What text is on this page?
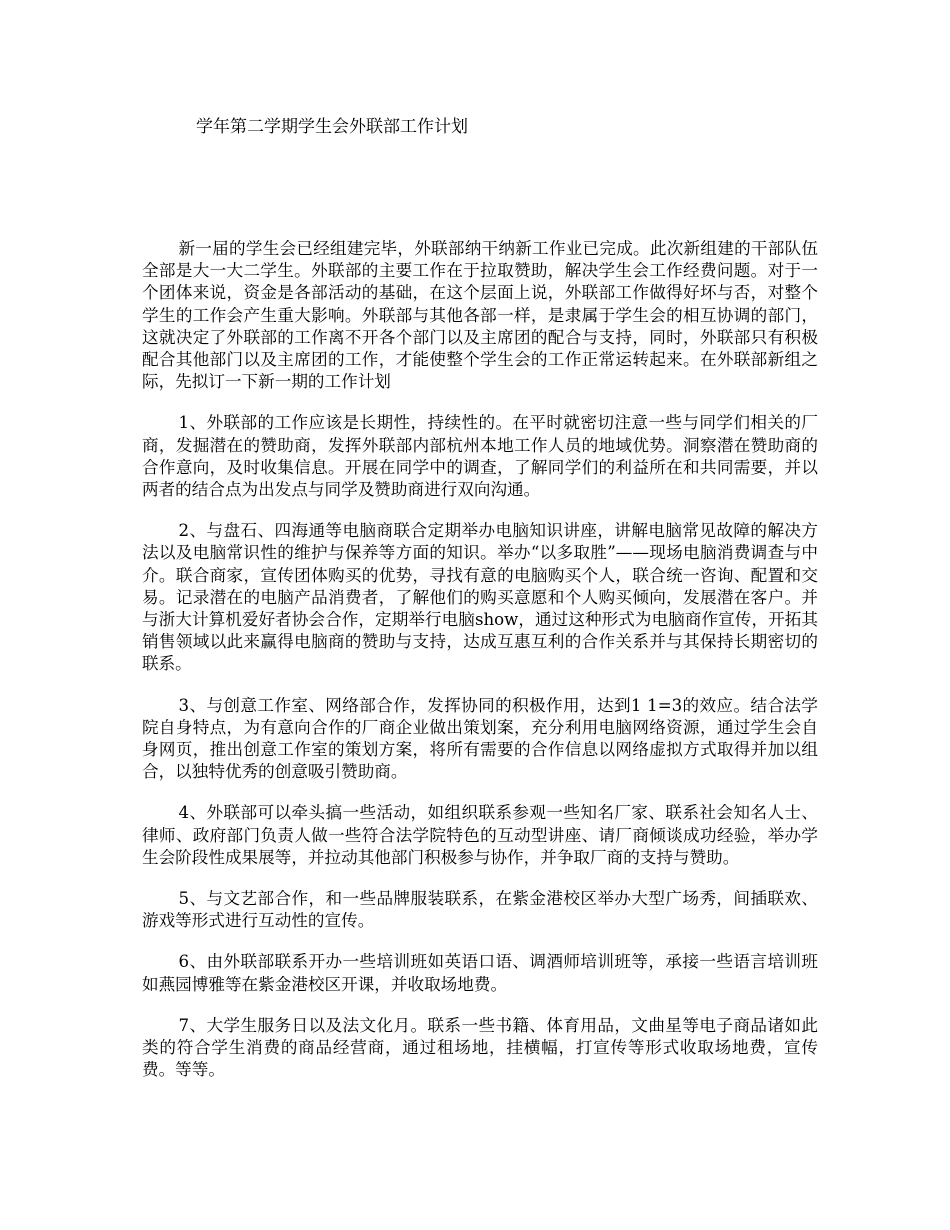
学年第二学期学生会外联部工作计划

新一届的学生会已经组建完毕，外联部纳干纳新工作业已完成。此次新组建的干部队伍全部是大一大二学生。外联部的主要工作在于拉取赞助，解决学生会工作经费问题。对于一个团体来说，资金是各部活动的基础，在这个层面上说，外联部工作做得好坏与否，对整个学生的工作会产生重大影响。外联部与其他各部一样，是隶属于学生会的相互协调的部门，这就决定了外联部的工作离不开各个部门以及主席团的配合与支持，同时，外联部只有积极配合其他部门以及主席团的工作，才能使整个学生会的工作正常运转起来。在外联部新组之际，先拟订一下新一期的工作计划

1、外联部的工作应该是长期性，持续性的。在平时就密切注意一些与同学们相关的厂商，发掘潜在的赞助商，发挥外联部内部杭州本地工作人员的地域优势。洞察潜在赞助商的合作意向，及时收集信息。开展在同学中的调查，了解同学们的利益所在和共同需要，并以两者的结合点为出发点与同学及赞助商进行双向沟通。

2、与盘石、四海通等电脑商联合定期举办电脑知识讲座，讲解电脑常见故障的解决方法以及电脑常识性的维护与保养等方面的知识。举办“以多取胜”——现场电脑消费调查与中介。联合商家，宣传团体购买的优势，寻找有意的电脑购买个人，联合统一咨询、配置和交易。记录潜在的电脑产品消费者，了解他们的购买意愿和个人购买倾向，发展潜在客户。并与浙大计算机爱好者协会合作，定期举行电脑show，通过这种形式为电脑商作宣传，开拓其销售领域以此来赢得电脑商的赞助与支持，达成互惠互利的合作关系并与其保持长期密切的联系。

3、与创意工作室、网络部合作，发挥协同的积极作用，达到1 1=3的效应。结合法学院自身特点，为有意向合作的厂商企业做出策划案，充分利用电脑网络资源，通过学生会自身网页，推出创意工作室的策划方案，将所有需要的合作信息以网络虚拟方式取得并加以组合，以独特优秀的创意吸引赞助商。

4、外联部可以牵头搞一些活动，如组织联系参观一些知名厂家、联系社会知名人士、律师、政府部门负责人做一些符合法学院特色的互动型讲座、请厂商倾谈成功经验，举办学生会阶段性成果展等，并拉动其他部门积极参与协作，并争取厂商的支持与赞助。

5、与文艺部合作，和一些品牌服装联系，在紫金港校区举办大型广场秀，间插联欢、游戏等形式进行互动性的宣传。

6、由外联部联系开办一些培训班如英语口语、调酒师培训班等，承接一些语言培训班如燕园博雅等在紫金港校区开课，并收取场地费。

7、大学生服务日以及法文化月。联系一些书籍、体育用品，文曲星等电子商品诸如此类的符合学生消费的商品经营商，通过租场地，挂横幅，打宣传等形式收取场地费，宣传费。等等。
